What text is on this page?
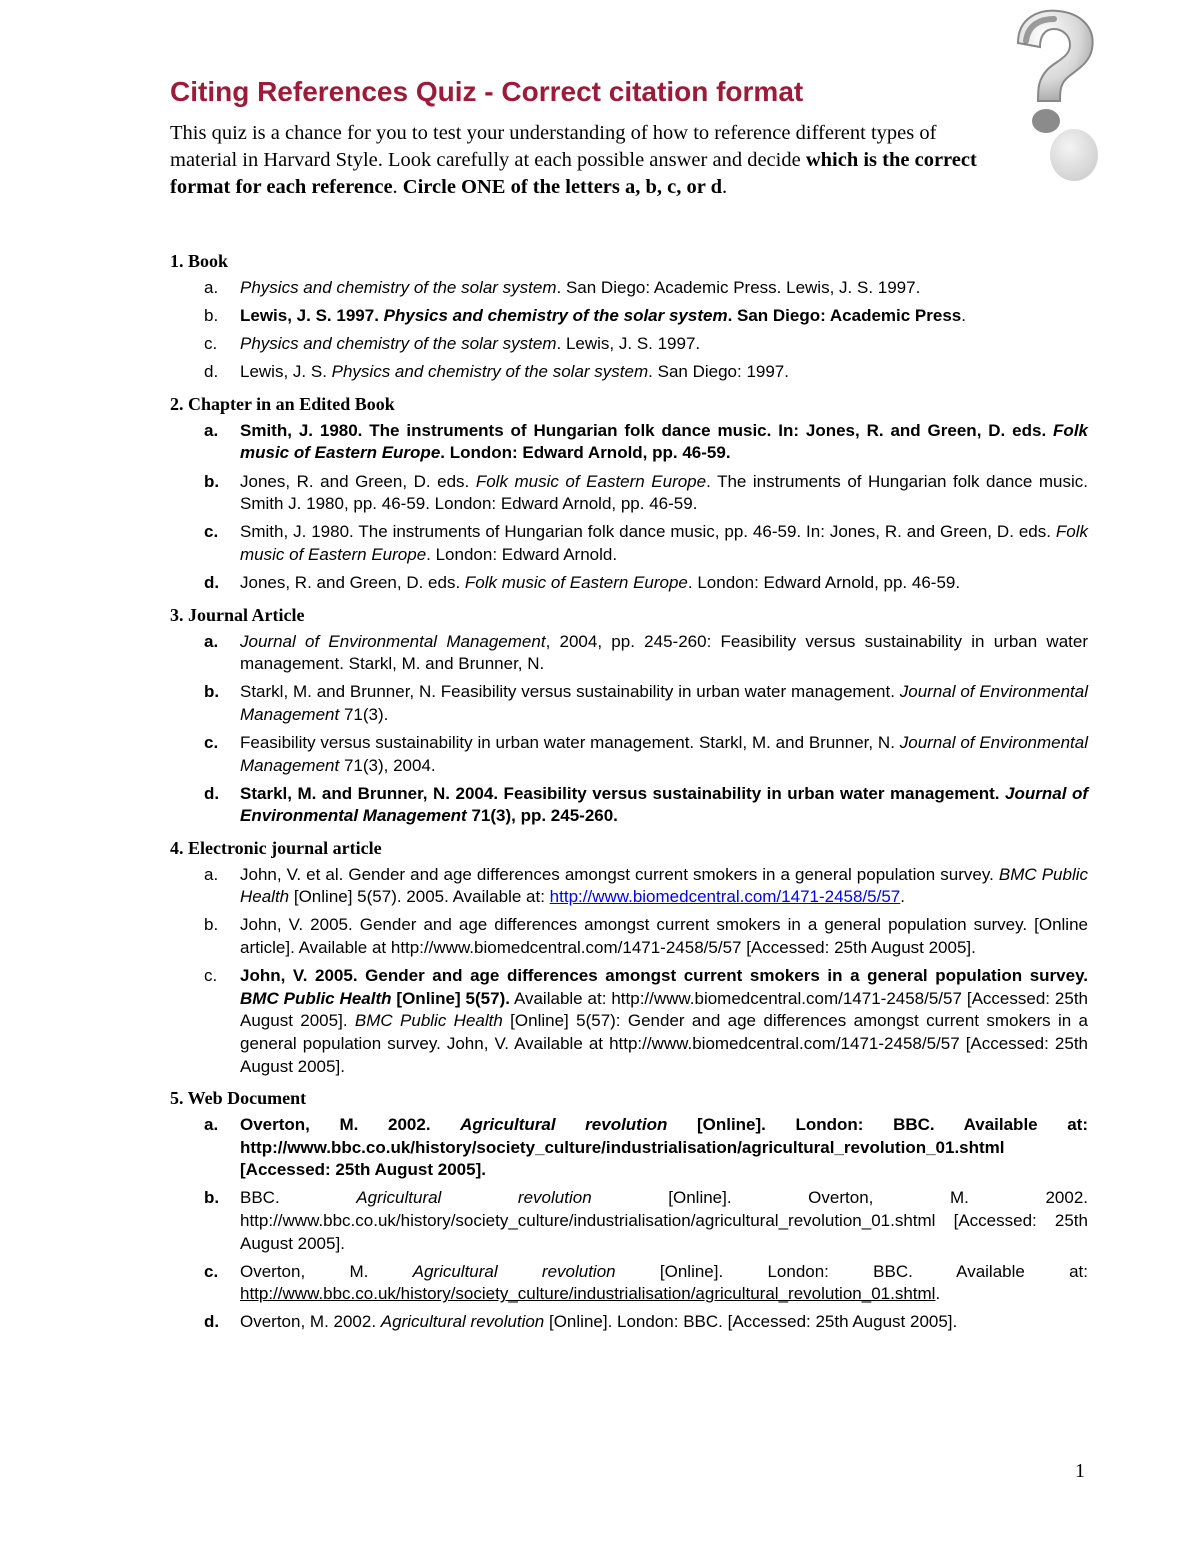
Citing References Quiz - Correct citation format

This quiz is a chance for you to test your understanding of how to reference different types of material in Harvard Style. Look carefully at each possible answer and decide which is the correct format for each reference. Circle ONE of the letters a, b, c, or d.

1. Book
a.	Physics and chemistry of the solar system. San Diego: Academic Press. Lewis, J. S. 1997.
b.	Lewis, J. S. 1997. Physics and chemistry of the solar system. San Diego: Academic Press.
c.	Physics and chemistry of the solar system. Lewis, J. S. 1997.
d.	Lewis, J. S. Physics and chemistry of the solar system. San Diego: 1997.
2. Chapter in an Edited Book
a.	Smith, J. 1980. The instruments of Hungarian folk dance music. In: Jones, R. and Green, D. eds. Folk music of Eastern Europe. London: Edward Arnold, pp. 46-59.
b.	Jones, R. and Green, D. eds. Folk music of Eastern Europe. The instruments of Hungarian folk dance music. Smith J. 1980, pp. 46-59. London: Edward Arnold, pp. 46-59.
c.	Smith, J. 1980. The instruments of Hungarian folk dance music, pp. 46-59. In: Jones, R. and Green, D. eds. Folk music of Eastern Europe. London: Edward Arnold.
d.	Jones, R. and Green, D. eds. Folk music of Eastern Europe. London: Edward Arnold, pp. 46-59.
3. Journal Article
a.	Journal of Environmental Management, 2004, pp. 245-260: Feasibility versus sustainability in urban water management. Starkl, M. and Brunner, N.
b.	Starkl, M. and Brunner, N. Feasibility versus sustainability in urban water management. Journal of Environmental Management 71(3).
c.	Feasibility versus sustainability in urban water management. Starkl, M. and Brunner, N. Journal of Environmental Management 71(3), 2004.
d.	Starkl, M. and Brunner, N. 2004. Feasibility versus sustainability in urban water management. Journal of Environmental Management 71(3), pp. 245-260.
4. Electronic journal article
a.	John, V. et al. Gender and age differences amongst current smokers in a general population survey. BMC Public Health [Online] 5(57). 2005. Available at: http://www.biomedcentral.com/1471-2458/5/57.
b.	John, V. 2005. Gender and age differences amongst current smokers in a general population survey. [Online article]. Available at http://www.biomedcentral.com/1471-2458/5/57 [Accessed: 25th August 2005].
c.	John, V. 2005. Gender and age differences amongst current smokers in a general population survey. BMC Public Health [Online] 5(57). Available at: http://www.biomedcentral.com/1471-2458/5/57 [Accessed: 25th August 2005]. BMC Public Health [Online] 5(57): Gender and age differences amongst current smokers in a general population survey. John, V. Available at http://www.biomedcentral.com/1471-2458/5/57 [Accessed: 25th August 2005].
5. Web Document
a.	Overton, M. 2002. Agricultural revolution [Online]. London: BBC. Available at: http://www.bbc.co.uk/history/society_culture/industrialisation/agricultural_revolution_01.shtml [Accessed: 25th August 2005].
b.	BBC. Agricultural revolution [Online]. Overton, M. 2002. http://www.bbc.co.uk/history/society_culture/industrialisation/agricultural_revolution_01.shtml [Accessed: 25th August 2005].
c.	Overton, M. Agricultural revolution [Online]. London: BBC. Available at: http://www.bbc.co.uk/history/society_culture/industrialisation/agricultural_revolution_01.shtml.
d.	Overton, M. 2002. Agricultural revolution [Online]. London: BBC. [Accessed: 25th August 2005].
1
